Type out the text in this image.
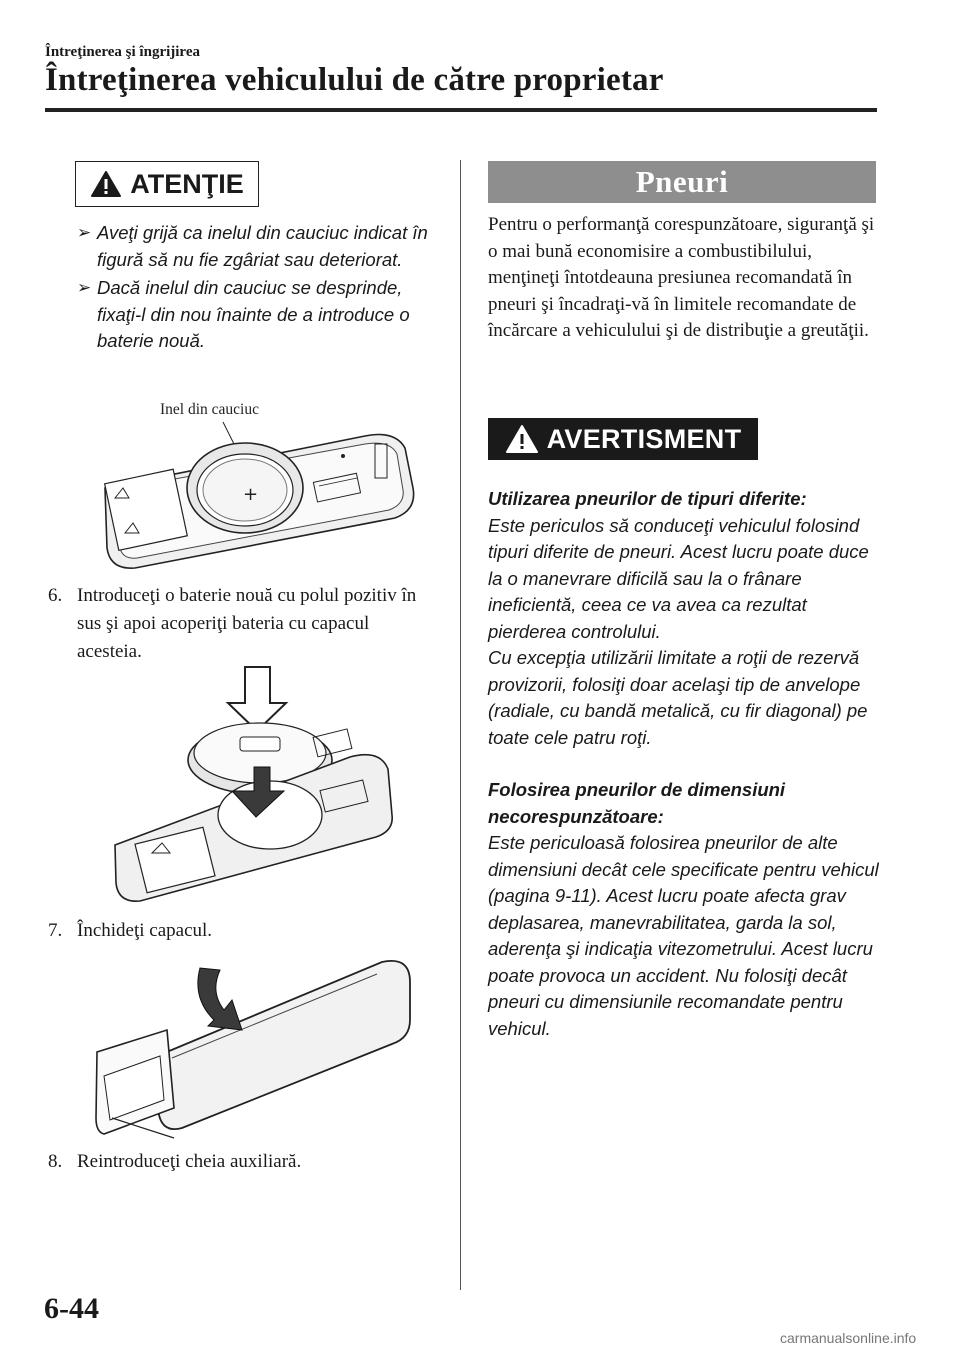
Întreţinerea şi îngrijirea
Întreţinerea vehiculului de către proprietar
ATENŢIE
➢ Aveţi grijă ca inelul din cauciuc indicat în figură să nu fie zgâriat sau deteriorat.
➢ Dacă inelul din cauciuc se desprinde, fixaţi-l din nou înainte de a introduce o baterie nouă.
Inel din cauciuc
+
6. Introduceţi o baterie nouă cu polul pozitiv în sus şi apoi acoperiţi bateria cu capacul acesteia.
7. Închideţi capacul.
8. Reintroduceţi cheia auxiliară.
Pneuri
Pentru o performanţă corespunzătoare, siguranţă şi o mai bună economisire a combustibilului, menţineţi întotdeauna presiunea recomandată în pneuri şi încadraţi-vă în limitele recomandate de încărcare a vehiculului şi de distribuţie a greutăţii.
AVERTISMENT

Utilizarea pneurilor de tipuri diferite:
Este periculos să conduceţi vehiculul folosind tipuri diferite de pneuri. Acest lucru poate duce la o manevrare dificilă sau la o frânare ineficientă, ceea ce va avea ca rezultat pierderea controlului.
Cu excepţia utilizării limitate a roţii de rezervă provizorii, folosiţi doar acelaşi tip de anvelope (radiale, cu bandă metalică, cu fir diagonal) pe toate cele patru roţi.

Folosirea pneurilor de dimensiuni necorespunzătoare:
Este periculoasă folosirea pneurilor de alte dimensiuni decât cele specificate pentru vehicul (pagina 9-11). Acest lucru poate afecta grav deplasarea, manevrabilitatea, garda la sol, aderenţa şi indicaţia vitezometrului. Acest lucru poate provoca un accident. Nu folosiţi decât pneuri cu dimensiunile recomandate pentru vehicul.

6-44
carmanualsonline.info
